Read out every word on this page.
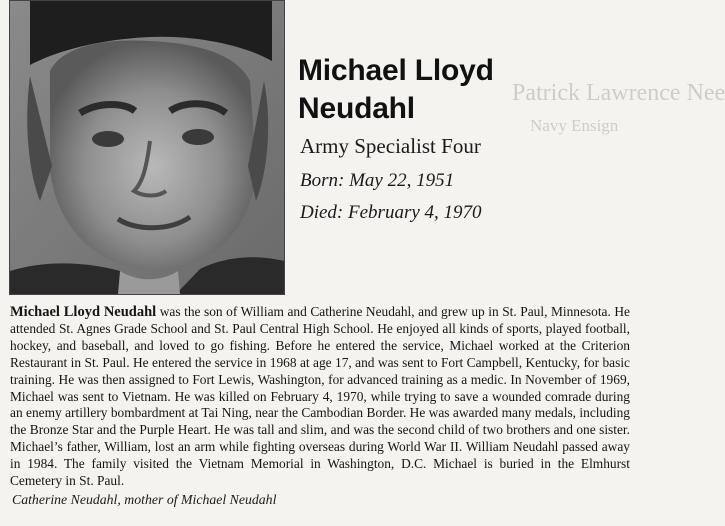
Patrick Lawrence Nee
Navy Ensign
Michael Lloyd
Neudahl
Army Specialist Four
Born: May 22, 1951
Died: February 4, 1970
Michael Lloyd Neudahl was the son of William and Catherine Neudahl, and grew up in St. Paul, Minnesota. He attended St. Agnes Grade School and St. Paul Central High School. He enjoyed all kinds of sports, played football, hockey, and baseball, and loved to go fishing. Before he entered the service, Michael worked at the Criterion Restaurant in St. Paul. He entered the service in 1968 at age 17, and was sent to Fort Campbell, Kentucky, for basic training. He was then assigned to Fort Lewis, Washington, for advanced training as a medic. In November of 1969, Michael was sent to Vietnam. He was killed on February 4, 1970, while trying to save a wounded comrade during an enemy artillery bombardment at Tai Ning, near the Cambodian Border. He was awarded many medals, including the Bronze Star and the Purple Heart. He was tall and slim, and was the second child of two brothers and one sister. Michael’s father, William, lost an arm while fighting overseas during World War II. William Neudahl passed away in 1984. The family visited the Vietnam Memorial in Washington, D.C. Michael is buried in the Elmhurst Cemetery in St. Paul.
Catherine Neudahl, mother of Michael Neudahl
